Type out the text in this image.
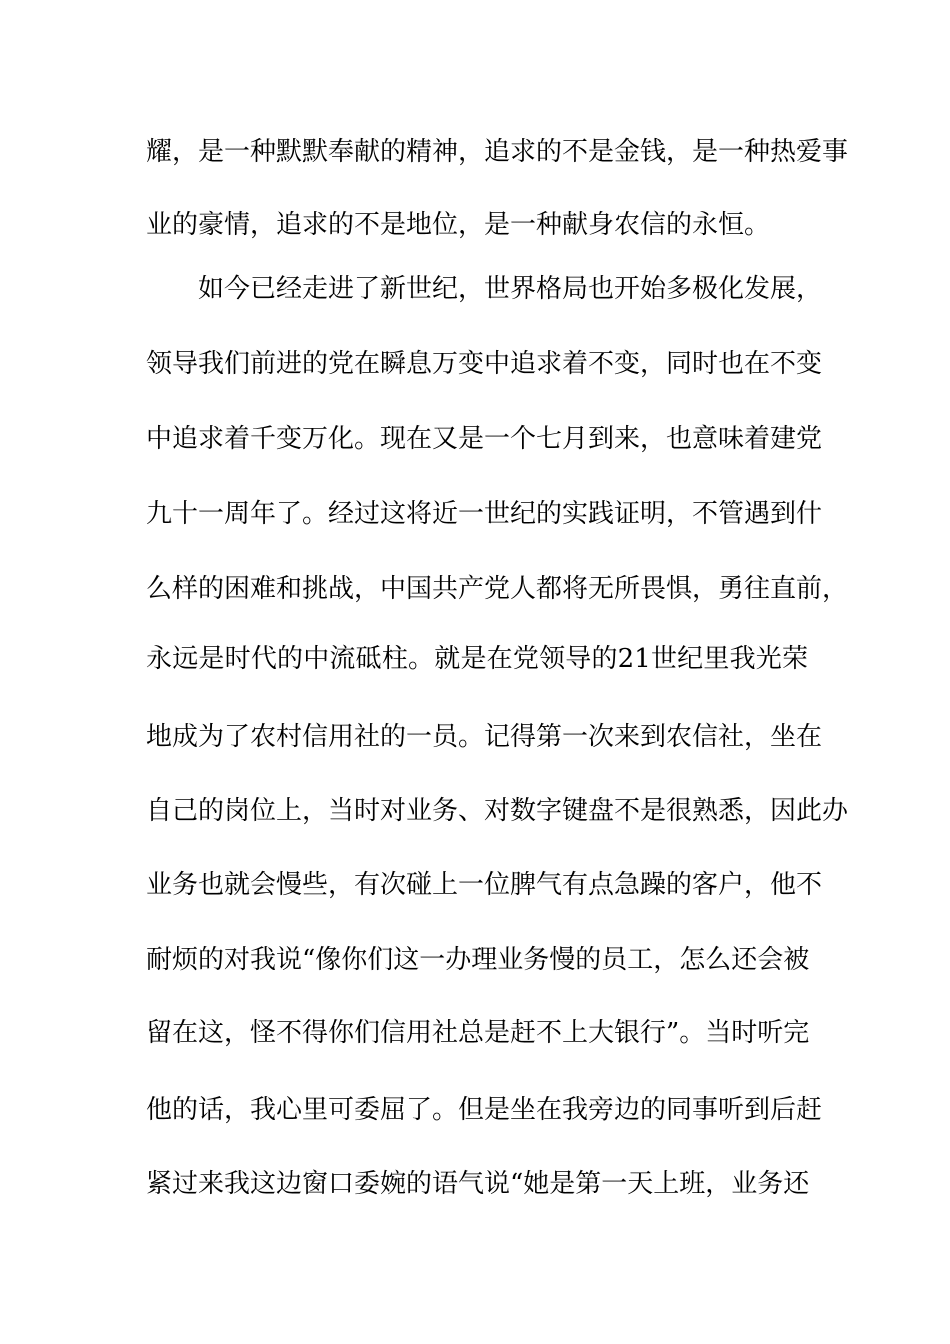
耀，是一种默默奉献的精神，追求的不是金钱，是一种热爱事
业的豪情，追求的不是地位，是一种献身农信的永恒。
如今已经走进了新世纪，世界格局也开始多极化发展，
领导我们前进的党在瞬息万变中追求着不变，同时也在不变
中追求着千变万化。现在又是一个七月到来，也意味着建党
九十一周年了。经过这将近一世纪的实践证明，不管遇到什
么样的困难和挑战，中国共产党人都将无所畏惧，勇往直前，
永远是时代的中流砥柱。就是在党领导的21世纪里我光荣
地成为了农村信用社的一员。记得第一次来到农信社，坐在
自己的岗位上，当时对业务、对数字键盘不是很熟悉，因此办
业务也就会慢些，有次碰上一位脾气有点急躁的客户，他不
耐烦的对我说“像你们这一办理业务慢的员工，怎么还会被
留在这，怪不得你们信用社总是赶不上大银行”。当时听完
他的话，我心里可委屈了。但是坐在我旁边的同事听到后赶
紧过来我这边窗口委婉的语气说“她是第一天上班，业务还
